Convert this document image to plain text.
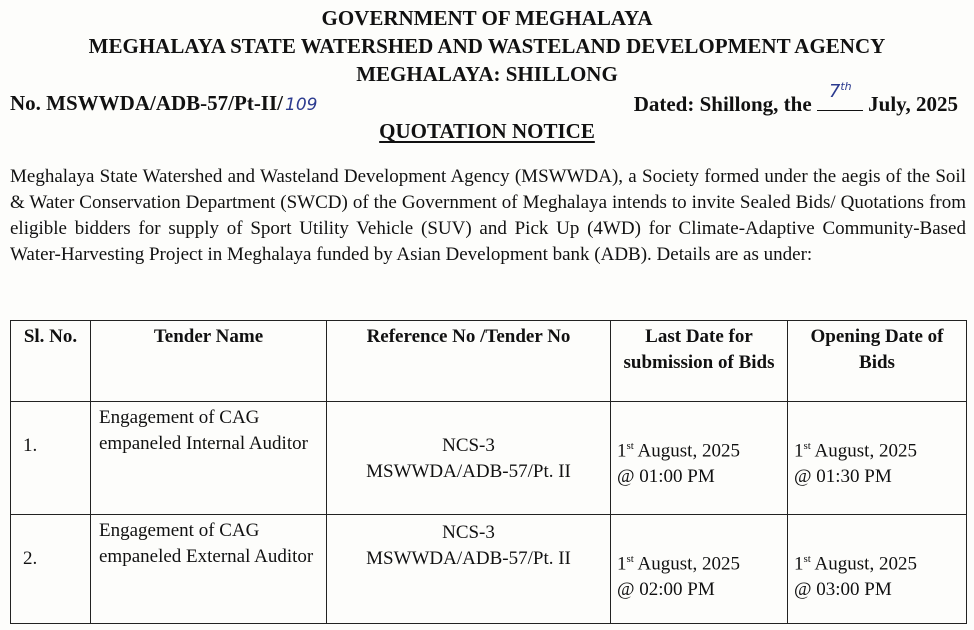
GOVERNMENT OF MEGHALAYA

MEGHALAYA STATE WATERSHED AND WASTELAND DEVELOPMENT AGENCY

MEGHALAYA: SHILLONG

No. MSWWDA/ADB-57/Pt-II/ 109	Dated: Shillong, the
7th
July, 2025
QUOTATION NOTICE

Meghalaya State Watershed and Wasteland Development Agency (MSWWDA), a Society formed under the aegis of the Soil & Water Conservation Department (SWCD) of the Government of Meghalaya intends to invite Sealed Bids/ Quotations from eligible bidders for supply of Sport Utility Vehicle (SUV) and Pick Up (4WD) for Climate-Adaptive Community-Based Water-Harvesting Project in Meghalaya funded by Asian Development bank (ADB). Details are as under:

Sl. No.	Tender Name	Reference No /Tender No	Last Date for submission of Bids	Opening Date of Bids

1.	Engagement of CAG empaneled Internal Auditor	NCS-3
MSWWDA/ADB-57/Pt. II	1st August, 2025
@ 01:00 PM	1st August, 2025
@ 01:30 PM

2.	Engagement of CAG empaneled External Auditor	NCS-3
MSWWDA/ADB-57/Pt. II	1st August, 2025
@ 02:00 PM	1st August, 2025
@ 03:00 PM
